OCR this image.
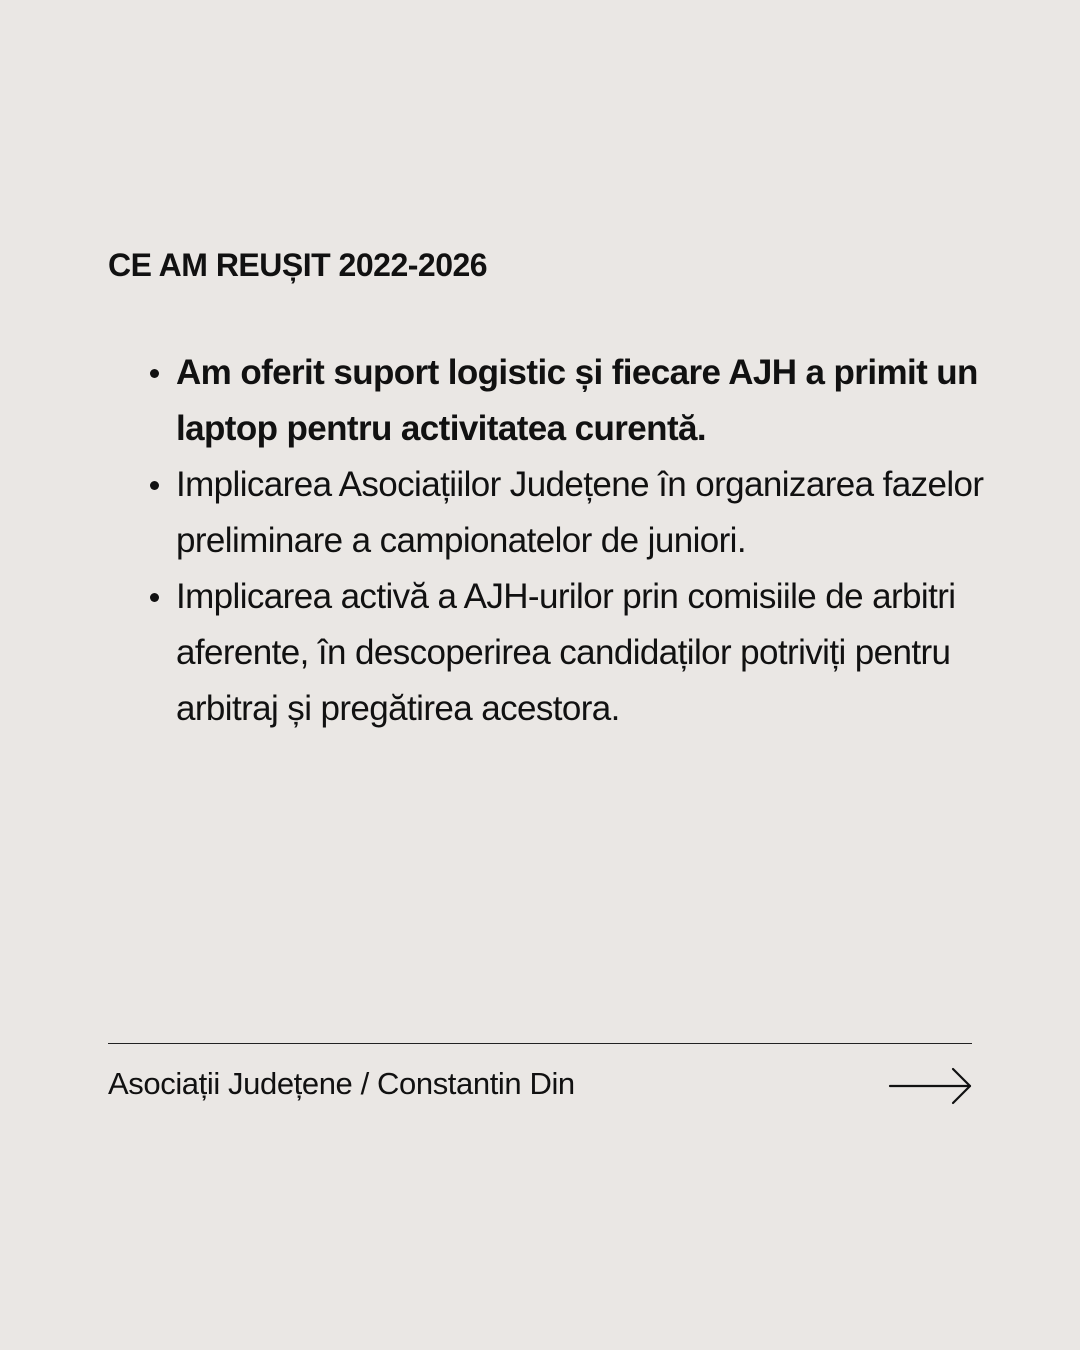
CE AM REUȘIT 2022-2026
Am oferit suport logistic și fiecare AJH a primit un laptop pentru activitatea curentă.
Implicarea Asociațiilor Județene în organizarea fazelor preliminare a campionatelor de juniori.
Implicarea activă a AJH-urilor prin comisiile de arbitri aferente, în descoperirea candidaților potriviți pentru arbitraj și pregătirea acestora.
Asociații Județene / Constantin Din
